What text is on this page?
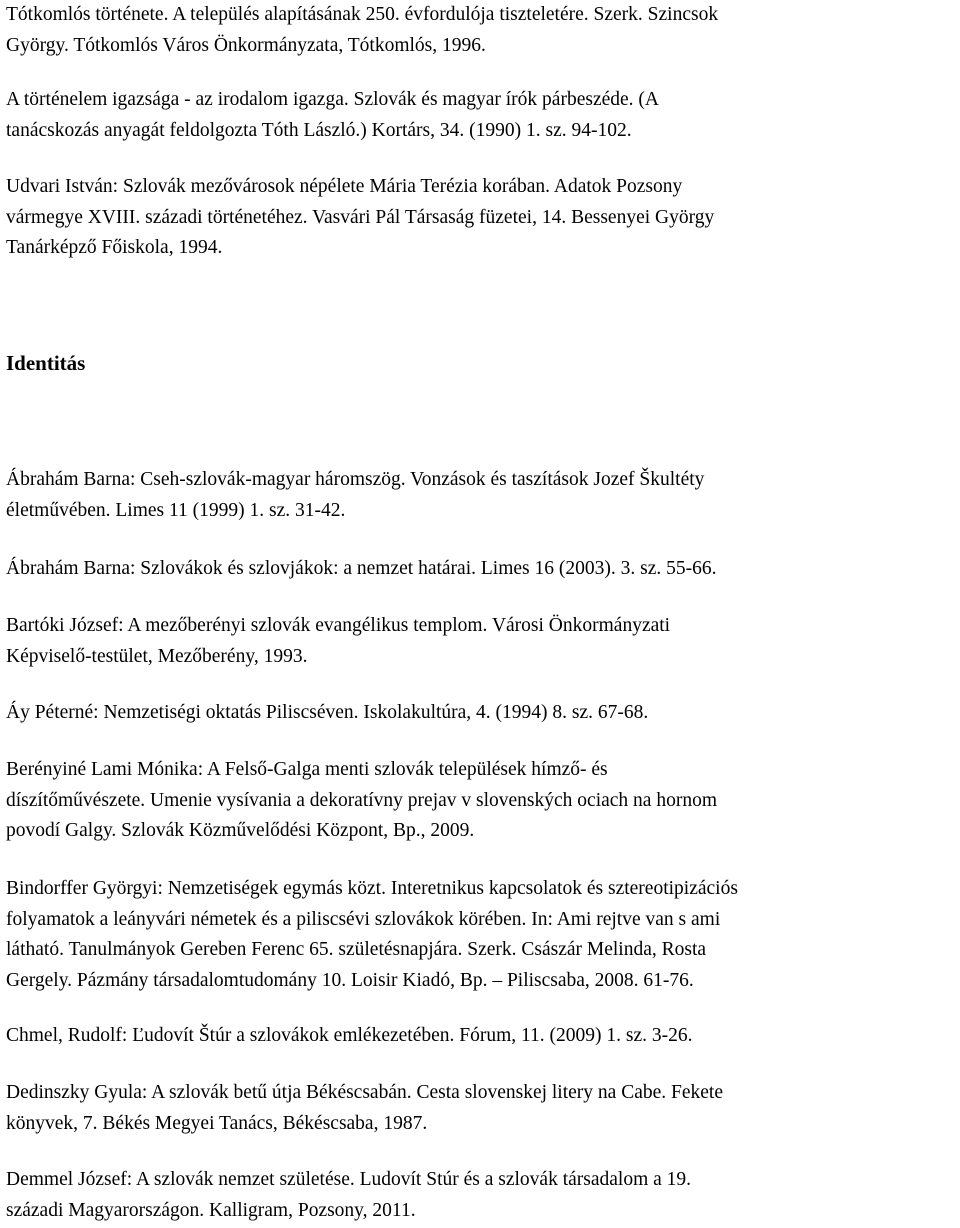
Tótkomlós története. A település alapításának 250. évfordulója tiszteletére. Szerk. Szincsok
György. Tótkomlós Város Önkormányzata, Tótkomlós, 1996.

A történelem igazsága - az irodalom igazga. Szlovák és magyar írók párbeszéde. (A
tanácskozás anyagát feldolgozta Tóth László.) Kortárs, 34. (1990) 1. sz. 94-102.

Udvari István: Szlovák mezővárosok népélete Mária Terézia korában. Adatok Pozsony
vármegye XVIII. századi történetéhez. Vasvári Pál Társaság füzetei, 14. Bessenyei György
Tanárképző Főiskola, 1994.

Identitás

Ábrahám Barna: Cseh-szlovák-magyar háromszög. Vonzások és taszítások Jozef Škultéty
életművében. Limes 11 (1999) 1. sz. 31-42.

Ábrahám Barna: Szlovákok és szlovjákok: a nemzet határai. Limes 16 (2003). 3. sz. 55-66.

Bartóki József: A mezőberényi szlovák evangélikus templom. Városi Önkormányzati
Képviselő-testület, Mezőberény, 1993.

Áy Péterné: Nemzetiségi oktatás Piliscséven. Iskolakultúra, 4. (1994) 8. sz. 67-68.

Berényiné Lami Mónika: A Felső-Galga menti szlovák települések hímző- és
díszítőművészete. Umenie vysívania a dekoratívny prejav v slovenských ociach na hornom
povodí Galgy. Szlovák Közművelődési Központ, Bp., 2009.

Bindorffer Györgyi: Nemzetiségek egymás közt. Interetnikus kapcsolatok és sztereotipizációs
folyamatok a leányvári németek és a piliscsévi szlovákok körében. In: Ami rejtve van s ami
látható. Tanulmányok Gereben Ferenc 65. születésnapjára. Szerk. Császár Melinda, Rosta
Gergely. Pázmány társadalomtudomány 10. Loisir Kiadó, Bp. – Piliscsaba, 2008. 61-76.

Chmel, Rudolf: Ľudovít Štúr a szlovákok emlékezetében. Fórum, 11. (2009) 1. sz. 3-26.

Dedinszky Gyula: A szlovák betű útja Békéscsabán. Cesta slovenskej litery na Cabe. Fekete
könyvek, 7. Békés Megyei Tanács, Békéscsaba, 1987.

Demmel József: A szlovák nemzet születése. Ludovít Stúr és a szlovák társadalom a 19.
századi Magyarországon. Kalligram, Pozsony, 2011.
